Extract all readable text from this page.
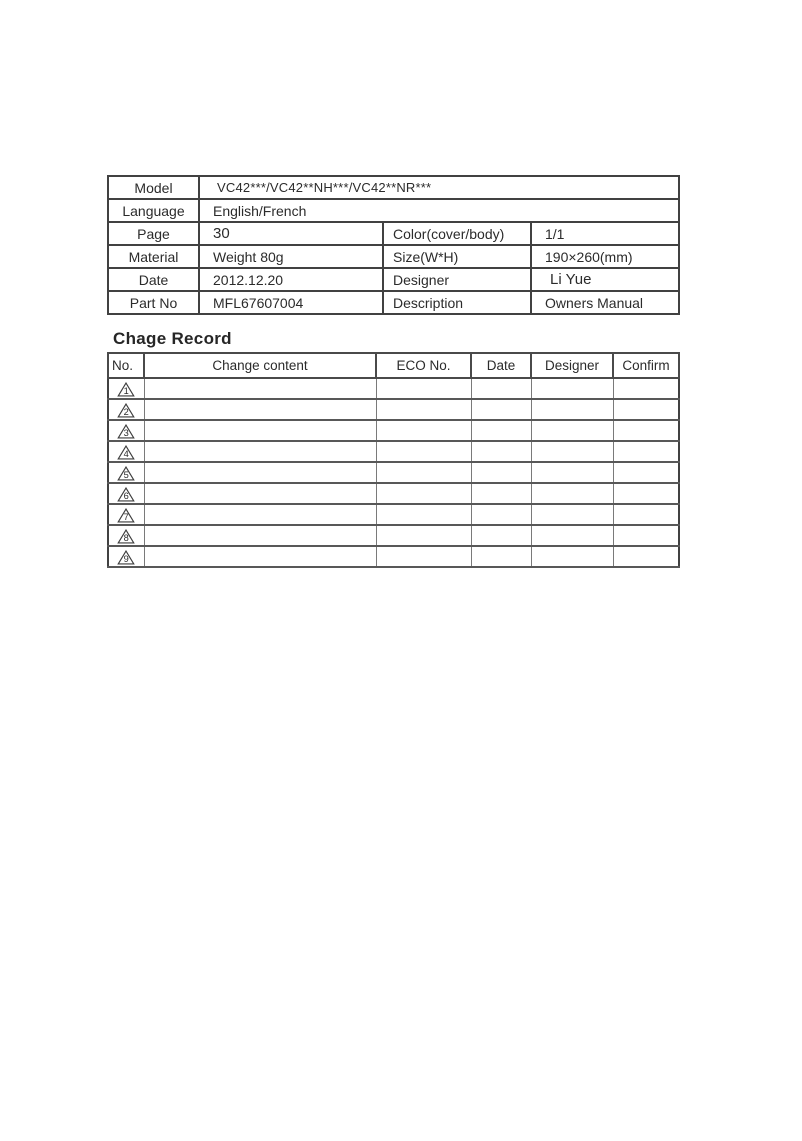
Model	VC42***/VC42**NH***/VC42**NR***		
Language	English/French		
Page	30	Color(cover/body)	1/1
Material	Weight 80g	Size(W*H)	190×260(mm)
Date	2012.12.20	Designer	Li Yue
Part No	MFL67607004	Description	Owners Manual
Chage Record
No.	Change content	ECO No.	Date	Designer	Confirm

1					

2					

3					

4					

5					

6					

7					

8					

9					
